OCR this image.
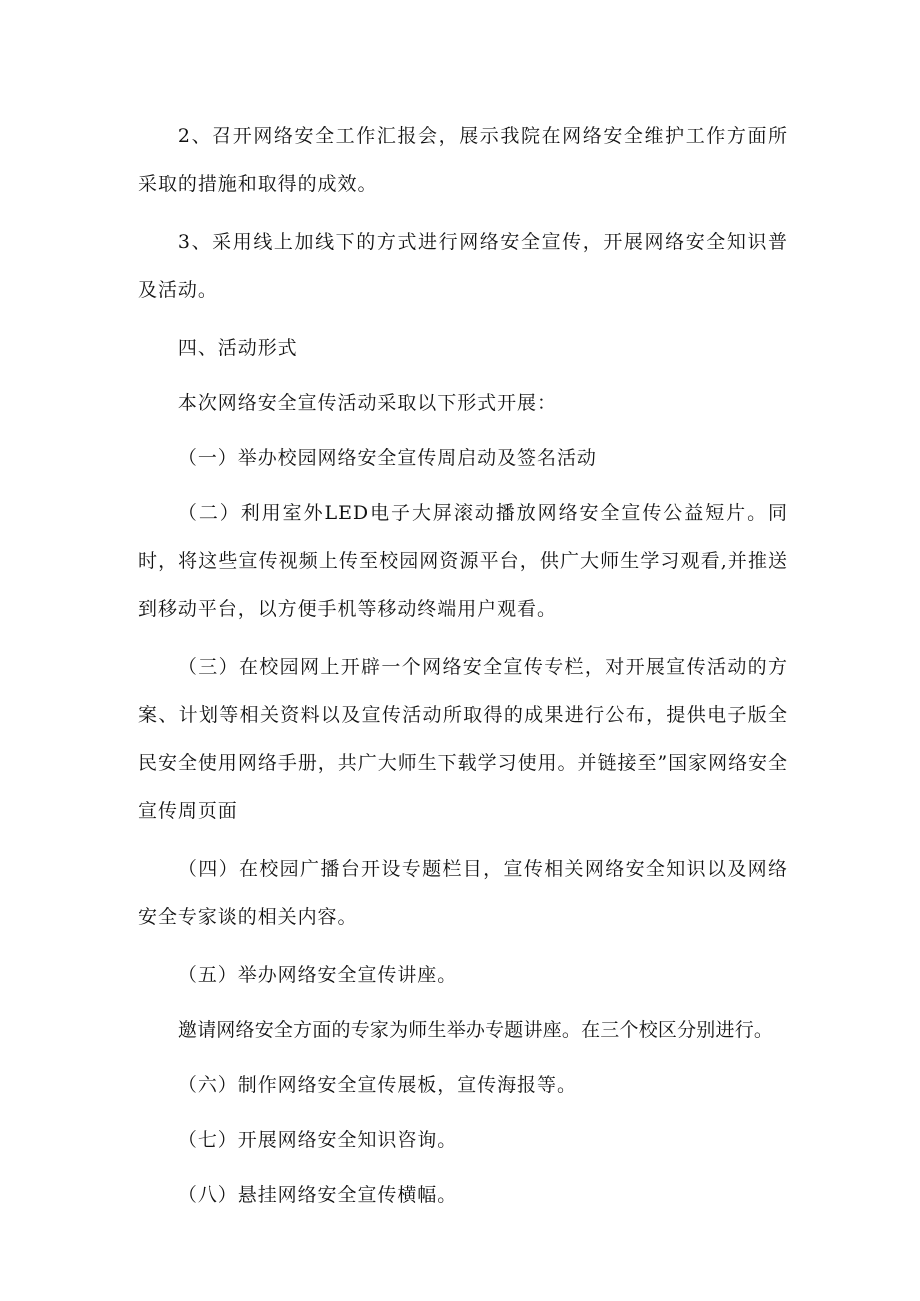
2、召开网络安全工作汇报会，展示我院在网络安全维护工作方面所采取的措施和取得的成效。

3、采用线上加线下的方式进行网络安全宣传，开展网络安全知识普及活动。

四、活动形式

本次网络安全宣传活动采取以下形式开展：

（一）举办校园网络安全宣传周启动及签名活动

（二）利用室外LED电子大屏滚动播放网络安全宣传公益短片。同时，将这些宣传视频上传至校园网资源平台，供广大师生学习观看,并推送到移动平台，以方便手机等移动终端用户观看。

（三）在校园网上开辟一个网络安全宣传专栏，对开展宣传活动的方案、计划等相关资料以及宣传活动所取得的成果进行公布，提供电子版全民安全使用网络手册，共广大师生下载学习使用。并链接至”国家网络安全宣传周页面

（四）在校园广播台开设专题栏目，宣传相关网络安全知识以及网络安全专家谈的相关内容。

（五）举办网络安全宣传讲座。

邀请网络安全方面的专家为师生举办专题讲座。在三个校区分别进行。

（六）制作网络安全宣传展板，宣传海报等。

（七）开展网络安全知识咨询。

（八）悬挂网络安全宣传横幅。
